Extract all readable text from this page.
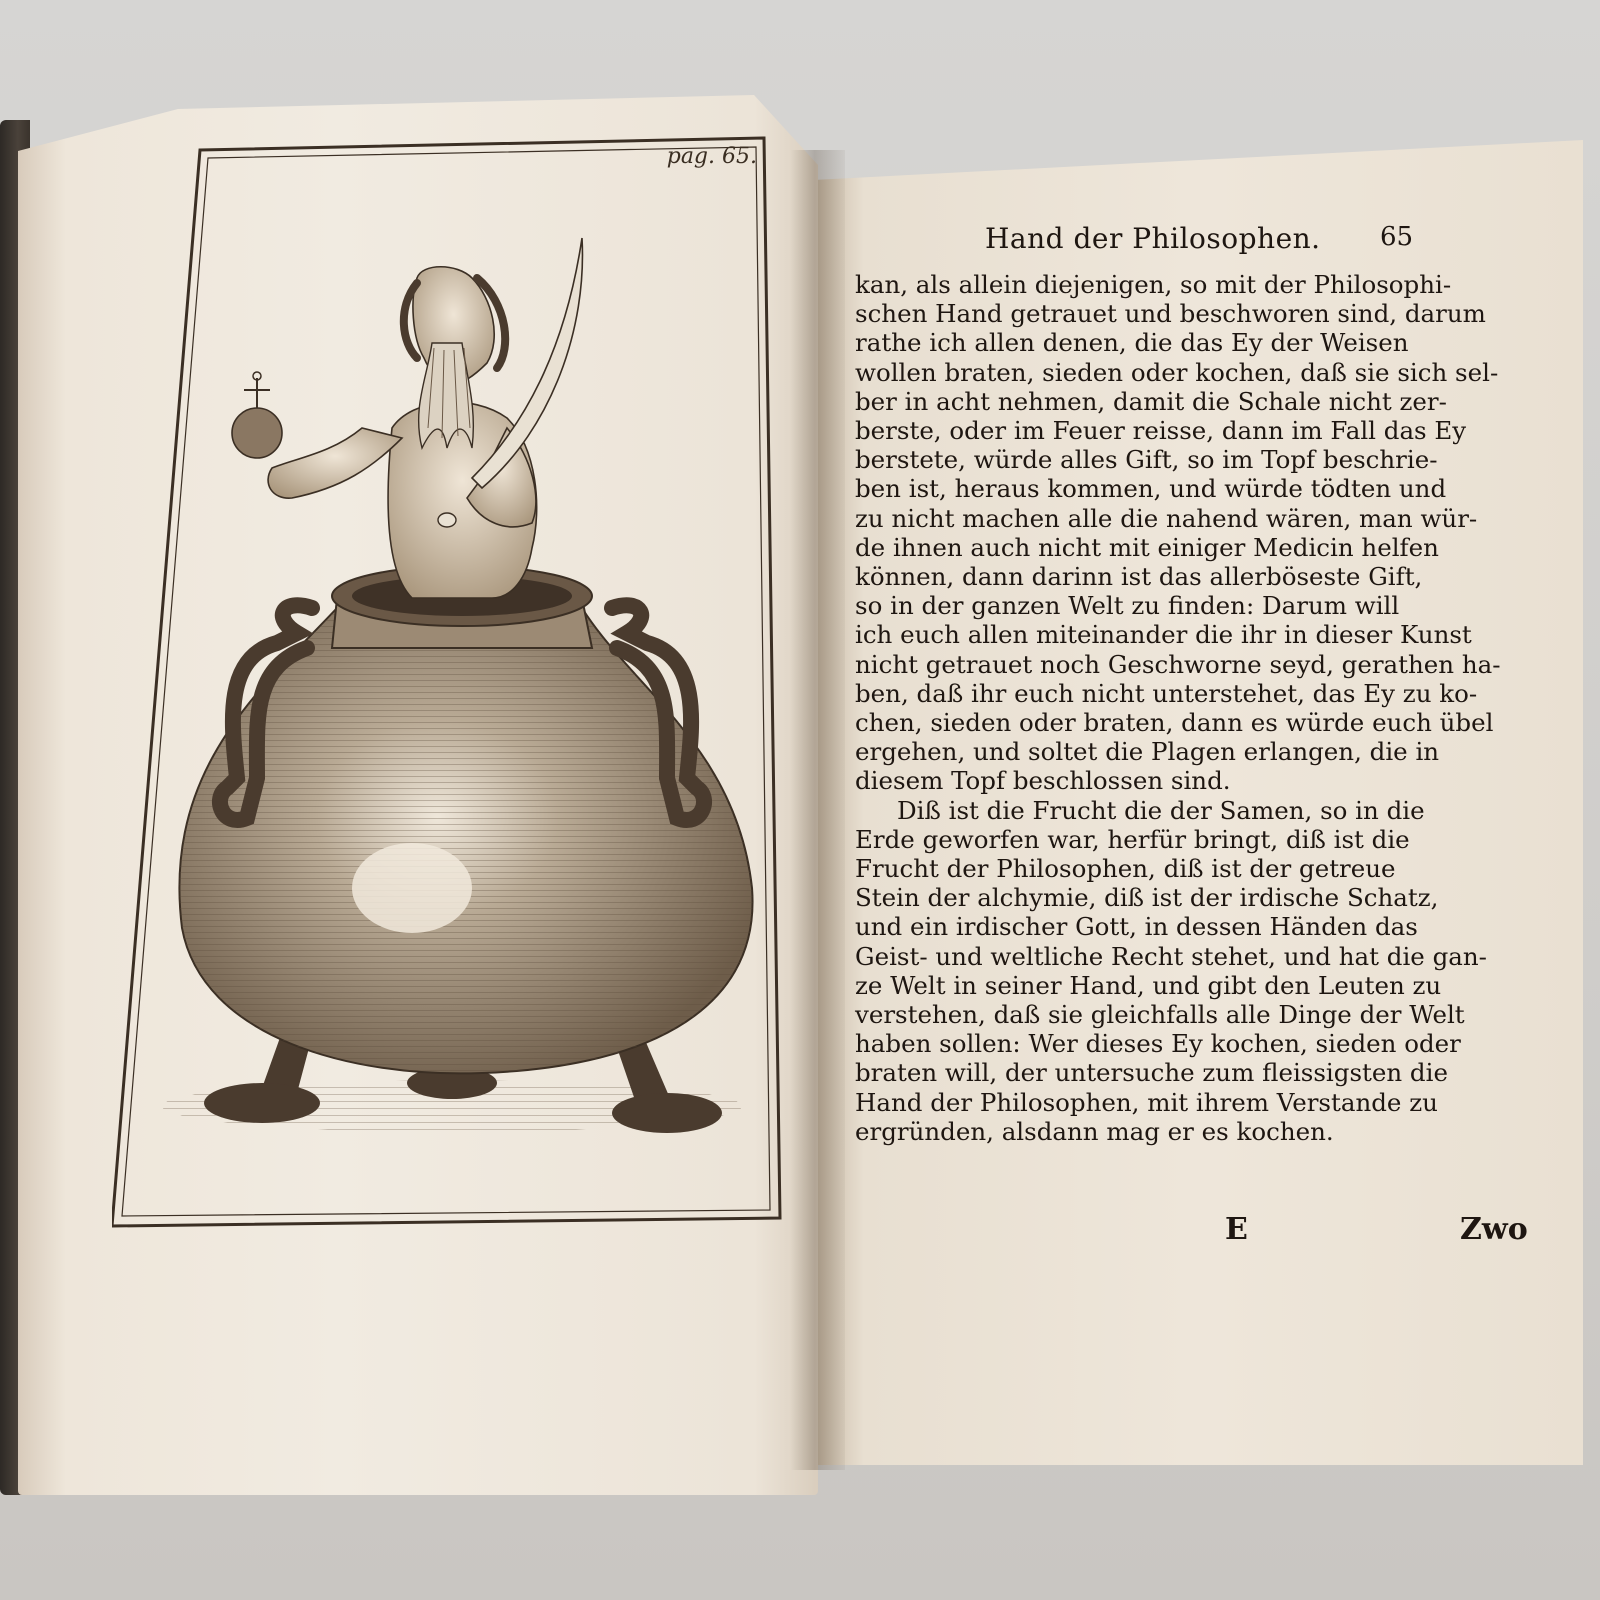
pag. 65.
Hand der Philosophen. 65
kan, als allein diejenigen, so mit der Philosophi-
schen Hand getrauet und beschworen sind, darum
rathe ich allen denen, die das Ey der Weisen
wollen braten, sieden oder kochen, daß sie sich sel-
ber in acht nehmen, damit die Schale nicht zer-
berste, oder im Feuer reisse, dann im Fall das Ey
berstete, würde alles Gift, so im Topf beschrie-
ben ist, heraus kommen, und würde tödten und
zu nicht machen alle die nahend wären, man wür-
de ihnen auch nicht mit einiger Medicin helfen
können, dann darinn ist das allerböseste Gift,
so in der ganzen Welt zu finden: Darum will
ich euch allen miteinander die ihr in dieser Kunst
nicht getrauet noch Geschworne seyd, gerathen ha-
ben, daß ihr euch nicht unterstehet, das Ey zu ko-
chen, sieden oder braten, dann es würde euch übel
ergehen, und soltet die Plagen erlangen, die in
diesem Topf beschlossen sind.
Diß ist die Frucht die der Samen, so in die
Erde geworfen war, herfür bringt, diß ist die
Frucht der Philosophen, diß ist der getreue
Stein der alchymie, diß ist der irdische Schatz,
und ein irdischer Gott, in dessen Händen das
Geist- und weltliche Recht stehet, und hat die gan-
ze Welt in seiner Hand, und gibt den Leuten zu
verstehen, daß sie gleichfalls alle Dinge der Welt
haben sollen: Wer dieses Ey kochen, sieden oder
braten will, der untersuche zum fleissigsten die
Hand der Philosophen, mit ihrem Verstande zu
ergründen, alsdann mag er es kochen.
E	Zwo
